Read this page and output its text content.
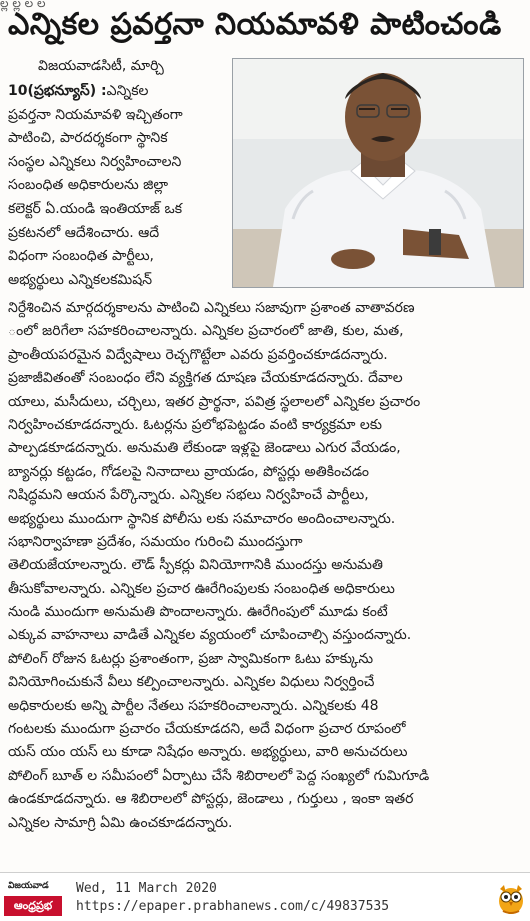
ల్ల ల్ల ల ల
ఎన్నికల ప్రవర్తనా నియమావళి పాటించండి
విజయవాడసిటీ, మార్చి
10(ప్రభన్యూస్) :ఎన్నికల
ప్రవర్తనా నియమావళి ఇచ్చితంగా
పాటించి, పారదర్శకంగా స్థానిక
సంస్థల ఎన్నికలు నిర్వహించాలని
సంబంధిత అధికారులను జిల్లా
కలెక్టర్ ఏ.యండి ఇంతియాజ్ ఒక
ప్రకటనలో ఆదేశించారు. ఆదే
విధంగా సంబంధిత పార్టీలు,
అభ్యర్థులు ఎన్నికలకమిషన్
నిర్దేశించిన మార్గదర్శకాలను పాటించి ఎన్నికలు సజావుగా ప్రశాంత వాతావరణ
ంలో జరిగేలా సహకరించాలన్నారు. ఎన్నికల ప్రచారంలో జాతి, కుల, మత,
ప్రాంతీయపరమైన విద్వేషాలు రెచ్చగొట్టేలా ఎవరు ప్రవర్తించకూడదన్నారు.
ప్రజాజీవితంతో సంబంధం లేని వ్యక్తిగత దూషణ చేయకూడదన్నారు. దేవాల
యాలు, మసీదులు, చర్చిలు, ఇతర ప్రార్థనా, పవిత్ర స్థలాలలో ఎన్నికల ప్రచారం
నిర్వహించకూడదన్నారు. ఓటర్లను ప్రలోభపెట్టడం వంటి కార్యక్రమా లకు
పాల్పడకూడదన్నారు. అనుమతి లేకుండా ఇళ్లపై జెండాలు ఎగుర వేయడం,
బ్యానర్లు కట్టడం, గోడలపై నినాదాలు వ్రాయడం, పోస్టర్లు అతికించడం
నిషిద్ధమని ఆయన పేర్కొన్నారు. ఎన్నికల సభలు నిర్వహించే పార్టీలు,
అభ్యర్థులు ముందుగా స్థానిక పోలీసు లకు సమాచారం అందించాలన్నారు.
సభానిర్వాహణా ప్రదేశం, సమయం గురించి ముందస్తుగా
తెలియజేయాలన్నారు. లౌడ్ స్పీకర్లు వినియోగానికి ముందస్తు అనుమతి
తీసుకోవాలన్నారు. ఎన్నికల ప్రచార ఊరేగింపులకు సంబంధిత అధికారులు
నుండి ముందుగా అనుమతి పొందాలన్నారు. ఊరేగింపులో మూడు కంటే
ఎక్కువ వాహనాలు వాడితే ఎన్నికల వ్యయంలో చూపించాల్సి వస్తుందన్నారు.
పోలింగ్ రోజున ఓటర్లు ప్రశాంతంగా, ప్రజా స్వామికంగా ఓటు హక్కును
వినియోగించుకునే వీలు కల్పించాలన్నారు. ఎన్నికల విధులు నిర్వర్తించే
అధికారులకు అన్ని పార్టీల నేతలు సహకరించాలన్నారు. ఎన్నికలకు 48
గంటలకు ముందుగా ప్రచారం చేయకూడదని, అదే విధంగా ప్రచార రూపంలో
యస్ యం యస్ లు కూడా నిషేధం అన్నారు. అభ్యర్ధులు, వారి అనుచరులు
పోలింగ్ బూత్ ల సమీపంలో ఏర్పాటు చేసే శిబిరాలలో పెద్ద సంఖ్యలో గుమిగూడి
ఉండకూడదన్నారు. ఆ శిబిరాలలో పోస్టర్లు, జెండాలు , గుర్తులు , ఇంకా ఇతర
ఎన్నికల సామాగ్రి ఏమి ఉంచకూడదన్నారు.
విజయవాడ
ఆంధ్రప్రభ
Wed, 11 March 2020
https://epaper.prabhanews.com/c/49837535
